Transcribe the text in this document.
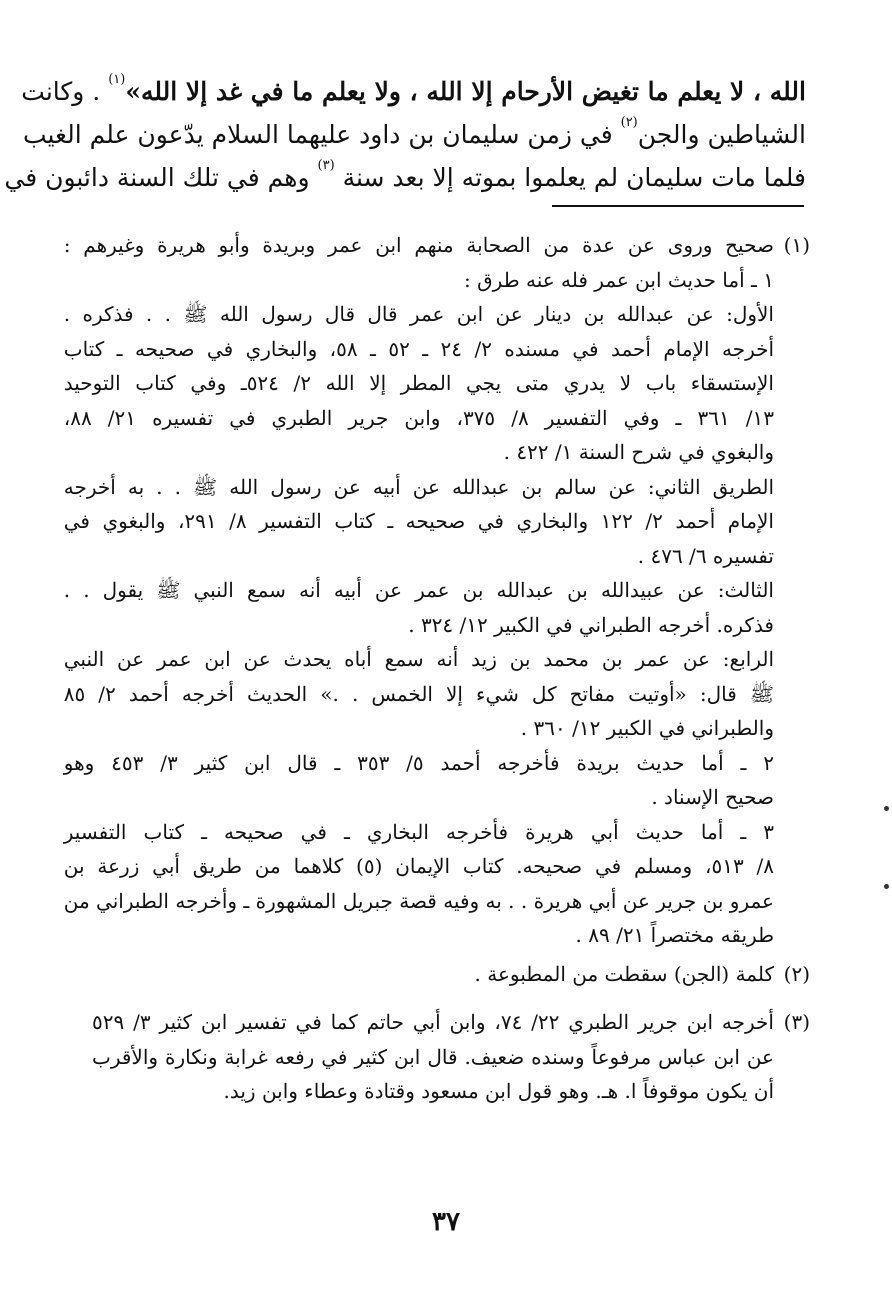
الله ، لا يعلم ما تغيض الأرحام إلا الله ، ولا يعلم ما في غد إلا الله»$^{(١)}$ . وكانت
الشياطين والجن$^{(٢)}$ في زمن سليمان بن داود عليهما السلام يدّعون علم الغيب
فلما مات سليمان لم يعلموا بموته إلا بعد سنة $^{(٣)}$ وهم في تلك السنة دائبون في
(١)
صحيح وروى عن عدة من الصحابة منهم ابن عمر وبريدة وأبو هريرة وغيرهم :
١ ـ أما حديث ابن عمر فله عنه طرق :
الأول: عن عبدالله بن دينار عن ابن عمر قال قال رسول الله ﷺ . . فذكره .
أخرجه الإمام أحمد في مسنده ٢/ ٢٤ ـ ٥٢ ـ ٥٨، والبخاري في صحيحه ـ كتاب
الإستسقاء باب لا يدري متى يجي المطر إلا الله ٢/ ٥٢٤ـ وفي كتاب التوحيد
١٣/ ٣٦١ ـ وفي التفسير ٨/ ٣٧٥، وابن جرير الطبري في تفسيره ٢١/ ٨٨،
والبغوي في شرح السنة ١/ ٤٢٢ .
الطريق الثاني: عن سالم بن عبدالله عن أبيه عن رسول الله ﷺ . . به أخرجه
الإمام أحمد ٢/ ١٢٢ والبخاري في صحيحه ـ كتاب التفسير ٨/ ٢٩١، والبغوي في
تفسيره ٦/ ٤٧٦ .
الثالث: عن عبيدالله بن عبدالله بن عمر عن أبيه أنه سمع النبي ﷺ يقول . .
فذكره. أخرجه الطبراني في الكبير ١٢/ ٣٢٤ .
الرابع: عن عمر بن محمد بن زيد أنه سمع أباه يحدث عن ابن عمر عن النبي
ﷺ قال: «أوتيت مفاتح كل شيء إلا الخمس . .» الحديث أخرجه أحمد ٢/ ٨٥
والطبراني في الكبير ١٢/ ٣٦٠ .
٢ ـ أما حديث بريدة فأخرجه أحمد ٥/ ٣٥٣ ـ قال ابن كثير ٣/ ٤٥٣ وهو
صحيح الإسناد .
٣ ـ أما حديث أبي هريرة فأخرجه البخاري ـ في صحيحه ـ كتاب التفسير
٨/ ٥١٣، ومسلم في صحيحه. كتاب الإيمان (٥) كلاهما من طريق أبي زرعة بن
عمرو بن جرير عن أبي هريرة . . به وفيه قصة جبريل المشهورة ـ وأخرجه الطبراني من
طريقه مختصراً ٢١/ ٨٩ .
(٢)
كلمة (الجن) سقطت من المطبوعة .
(٣)
أخرجه ابن جرير الطبري ٢٢/ ٧٤، وابن أبي حاتم كما في تفسير ابن كثير ٣/ ٥٢٩
عن ابن عباس مرفوعاً وسنده ضعيف. قال ابن كثير في رفعه غرابة ونكارة والأقرب
أن يكون موقوفاً ا. هـ. وهو قول ابن مسعود وقتادة وعطاء وابن زيد.
٣٧
